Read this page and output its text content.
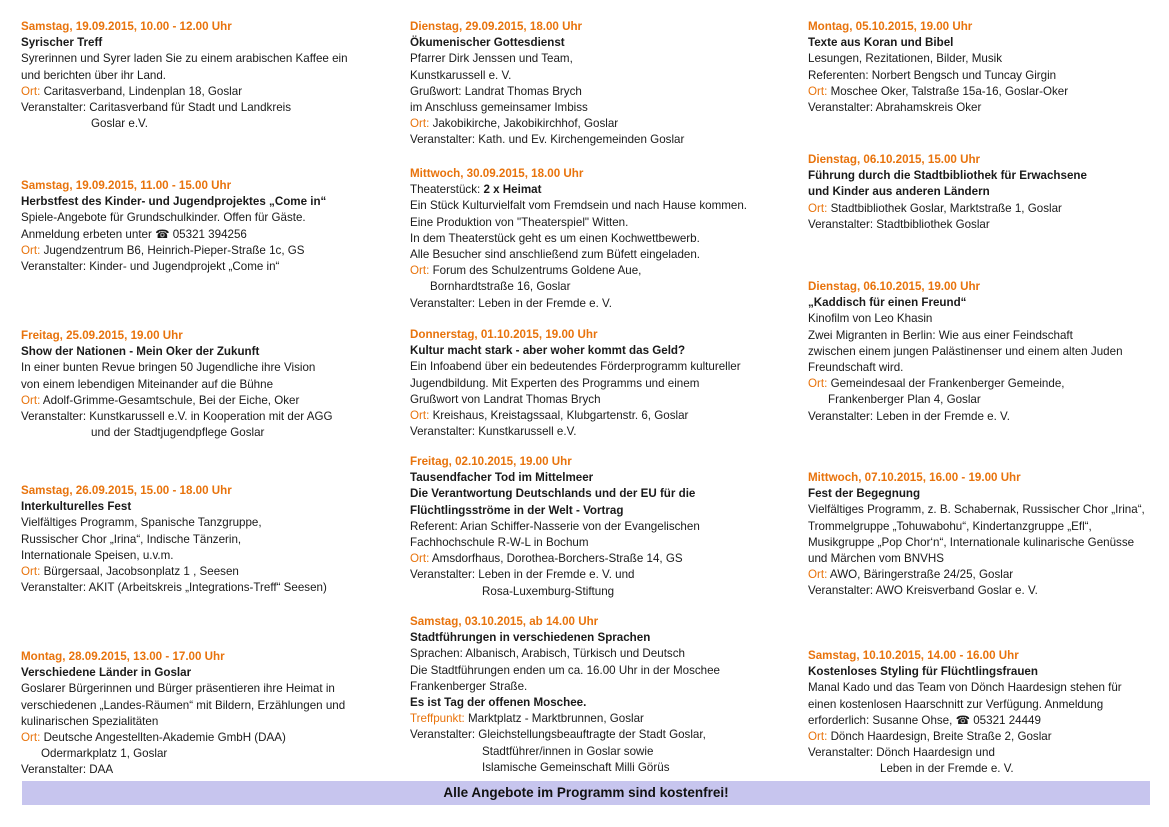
Samstag, 19.09.2015, 10.00 - 12.00 Uhr
Syrischer Treff
Syrerinnen und Syrer laden Sie zu einem arabischen Kaffee ein
und berichten über ihr Land.
Ort: Caritasverband, Lindenplan 18, Goslar
Veranstalter: Caritasverband für Stadt und Landkreis
Goslar e.V.
Samstag, 19.09.2015, 11.00 - 15.00 Uhr
Herbstfest des Kinder- und Jugendprojektes „Come in“
Spiele-Angebote für Grundschulkinder. Offen für Gäste.
Anmeldung erbeten unter ☎ 05321 394256
Ort: Jugendzentrum B6, Heinrich-Pieper-Straße 1c, GS
Veranstalter: Kinder- und Jugendprojekt „Come in“
Freitag, 25.09.2015, 19.00 Uhr
Show der Nationen - Mein Oker der Zukunft
In einer bunten Revue bringen 50 Jugendliche ihre Vision
von einem lebendigen Miteinander auf die Bühne
Ort: Adolf-Grimme-Gesamtschule, Bei der Eiche, Oker
Veranstalter: Kunstkarussell e.V. in Kooperation mit der AGG
und der Stadtjugendpflege Goslar
Samstag, 26.09.2015, 15.00 - 18.00 Uhr
Interkulturelles Fest
Vielfältiges Programm, Spanische Tanzgruppe,
Russischer Chor „Irina“, Indische Tänzerin,
Internationale Speisen, u.v.m.
Ort: Bürgersaal, Jacobsonplatz 1 , Seesen
Veranstalter: AKIT (Arbeitskreis „Integrations-Treff“ Seesen)
Montag, 28.09.2015, 13.00 - 17.00 Uhr
Verschiedene Länder in Goslar
Goslarer Bürgerinnen und Bürger präsentieren ihre Heimat in
verschiedenen „Landes-Räumen“ mit Bildern, Erzählungen und
kulinarischen Spezialitäten
Ort: Deutsche Angestellten-Akademie GmbH (DAA)
Odermarkplatz 1, Goslar
Veranstalter: DAA
Dienstag, 29.09.2015, 18.00 Uhr
Ökumenischer Gottesdienst
Pfarrer Dirk Jenssen und Team,
Kunstkarussell e. V.
Grußwort: Landrat Thomas Brych
im Anschluss gemeinsamer Imbiss
Ort: Jakobikirche, Jakobikirchhof, Goslar
Veranstalter: Kath. und Ev. Kirchengemeinden Goslar
Mittwoch, 30.09.2015, 18.00 Uhr
Theaterstück: 2 x Heimat
Ein Stück Kulturvielfalt vom Fremdsein und nach Hause kommen.
Eine Produktion von "Theaterspiel" Witten.
In dem Theaterstück geht es um einen Kochwettbewerb.
Alle Besucher sind anschließend zum Büfett eingeladen.
Ort: Forum des Schulzentrums Goldene Aue,
Bornhardtstraße 16, Goslar
Veranstalter: Leben in der Fremde e. V.
Donnerstag, 01.10.2015, 19.00 Uhr
Kultur macht stark - aber woher kommt das Geld?
Ein Infoabend über ein bedeutendes Förderprogramm kultureller
Jugendbildung. Mit Experten des Programms und einem
Grußwort von Landrat Thomas Brych
Ort: Kreishaus, Kreistagssaal, Klubgartenstr. 6, Goslar
Veranstalter: Kunstkarussell e.V.
Freitag, 02.10.2015, 19.00 Uhr
Tausendfacher Tod im Mittelmeer
Die Verantwortung Deutschlands und der EU für die
Flüchtlingsströme in der Welt - Vortrag
Referent: Arian Schiffer-Nasserie von der Evangelischen
Fachhochschule R-W-L in Bochum
Ort: Amsdorfhaus, Dorothea-Borchers-Straße 14, GS
Veranstalter: Leben in der Fremde e. V. und
Rosa-Luxemburg-Stiftung
Samstag, 03.10.2015, ab 14.00 Uhr
Stadtführungen in verschiedenen Sprachen
Sprachen: Albanisch, Arabisch, Türkisch und Deutsch
Die Stadtführungen enden um ca. 16.00 Uhr in der Moschee
Frankenberger Straße.
Es ist Tag der offenen Moschee.
Treffpunkt: Marktplatz - Marktbrunnen, Goslar
Veranstalter: Gleichstellungsbeauftragte der Stadt Goslar,
Stadtführer/innen in Goslar sowie
Islamische Gemeinschaft Milli Görüs
Montag, 05.10.2015, 19.00 Uhr
Texte aus Koran und Bibel
Lesungen, Rezitationen, Bilder, Musik
Referenten: Norbert Bengsch und Tuncay Girgin
Ort: Moschee Oker, Talstraße 15a-16, Goslar-Oker
Veranstalter: Abrahamskreis Oker
Dienstag, 06.10.2015, 15.00 Uhr
Führung durch die Stadtbibliothek für Erwachsene
und Kinder aus anderen Ländern
Ort: Stadtbibliothek Goslar, Marktstraße 1, Goslar
Veranstalter: Stadtbibliothek Goslar
Dienstag, 06.10.2015, 19.00 Uhr
„Kaddisch für einen Freund“
Kinofilm von Leo Khasin
Zwei Migranten in Berlin: Wie aus einer Feindschaft
zwischen einem jungen Palästinenser und einem alten Juden
Freundschaft wird.
Ort: Gemeindesaal der Frankenberger Gemeinde,
Frankenberger Plan 4, Goslar
Veranstalter: Leben in der Fremde e. V.
Mittwoch, 07.10.2015, 16.00 - 19.00 Uhr
Fest der Begegnung
Vielfältiges Programm, z. B. Schabernak, Russischer Chor „Irina“,
Trommelgruppe „Tohuwabohu“, Kindertanzgruppe „Efl“,
Musikgruppe „Pop Chor‘n“, Internationale kulinarische Genüsse
und Märchen vom BNVHS
Ort: AWO, Bäringerstraße 24/25, Goslar
Veranstalter: AWO Kreisverband Goslar e. V.
Samstag, 10.10.2015, 14.00 - 16.00 Uhr
Kostenloses Styling für Flüchtlingsfrauen
Manal Kado und das Team von Dönch Haardesign stehen für
einen kostenlosen Haarschnitt zur Verfügung. Anmeldung
erforderlich: Susanne Ohse, ☎ 05321 24449
Ort: Dönch Haardesign, Breite Straße 2, Goslar
Veranstalter: Dönch Haardesign und
Leben in der Fremde e. V.
Alle Angebote im Programm sind kostenfrei!
